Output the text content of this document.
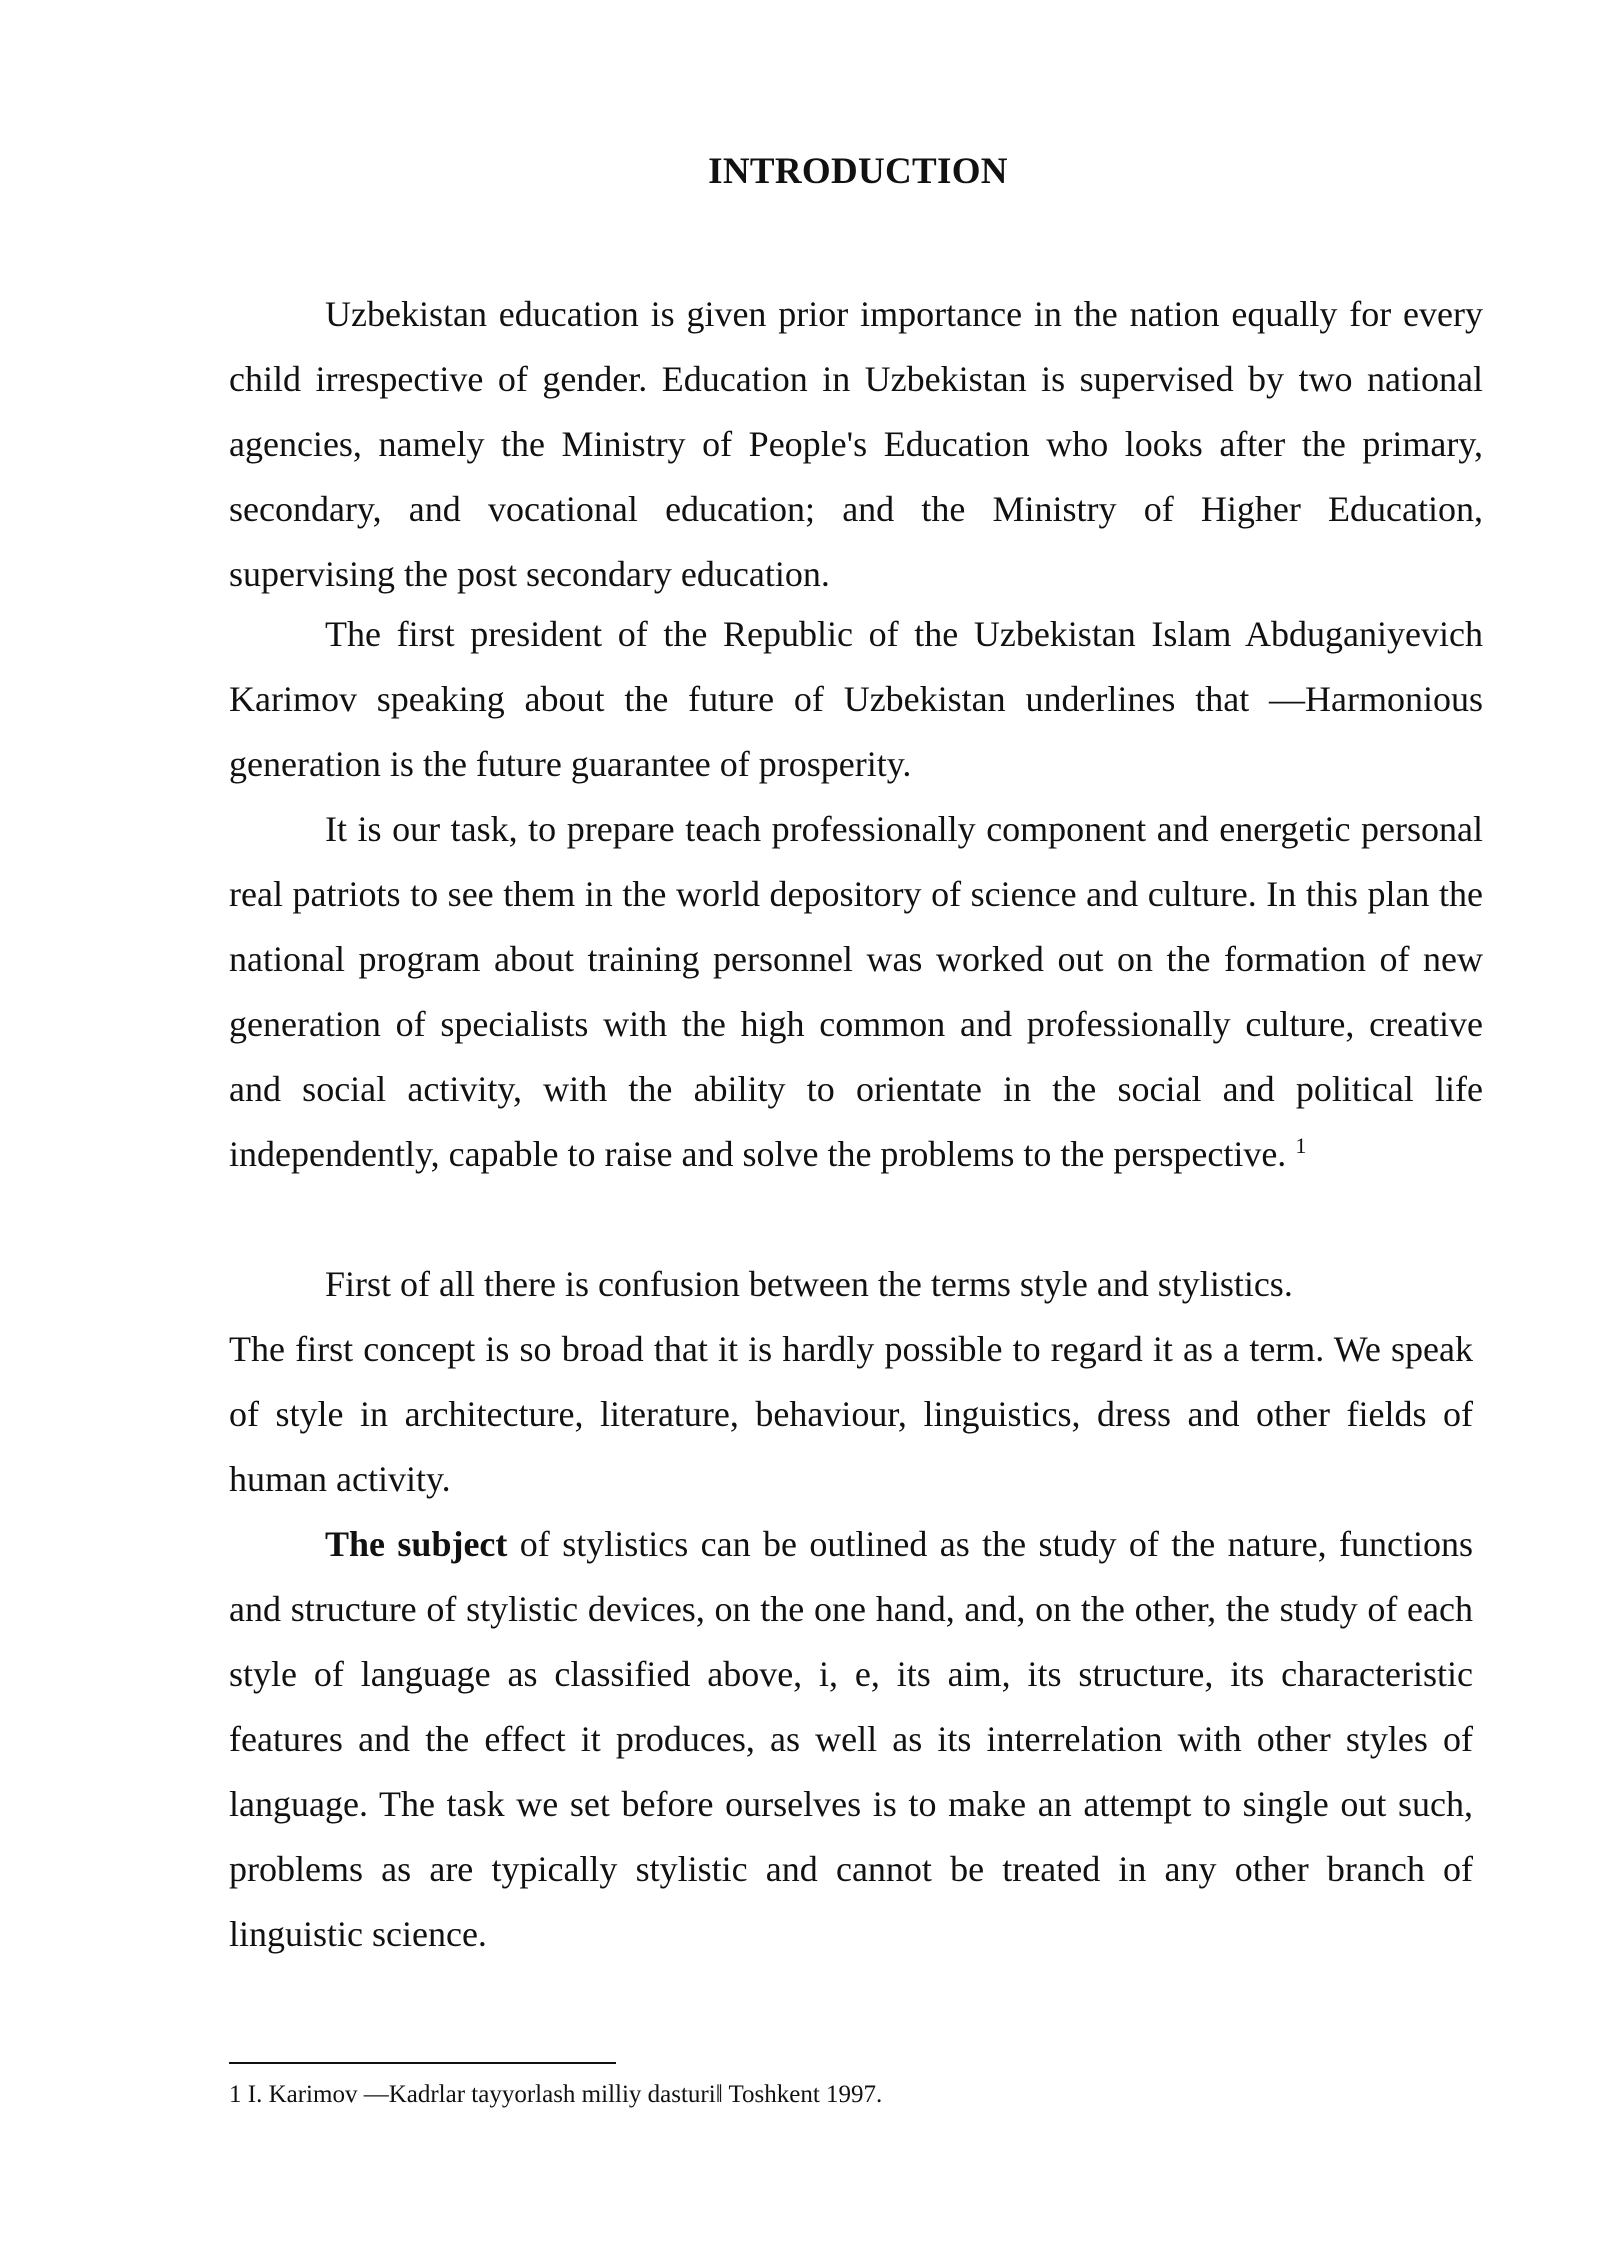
INTRODUCTION

Uzbekistan education is given prior importance in the nation equally for every child irrespective of gender. Education in Uzbekistan is supervised by two national agencies, namely the Ministry of People's Education who looks after the primary, secondary, and vocational education; and the Ministry of Higher Education, supervising the post secondary education.

The first president of the Republic of the Uzbekistan Islam Abduganiyevich Karimov speaking about the future of Uzbekistan underlines that —Harmonious generation is the future guarantee of prosperity.

It is our task, to prepare teach professionally component and energetic personal real patriots to see them in the world depository of science and culture. In this plan the national program about training personnel was worked out on the formation of new generation of specialists with the high common and professionally culture, creative and social activity, with the ability to orientate in the social and political life independently, capable to raise and solve the problems to the perspective. $^1$

First of all there is confusion between the terms style and stylistics.

The first concept is so broad that it is hardly possible to regard it as a term. We speak of style in architecture, literature, behaviour, linguistics, dress and other fields of human activity.

The subject of stylistics can be outlined as the study of the nature, functions and structure of stylistic devices, on the one hand, and, on the other, the study of each style of language as classified above, i, e, its aim, its structure, its characteristic features and the effect it produces, as well as its interrelation with other styles of language. The task we set before ourselves is to make an attempt to single out such, problems as are typically stylistic and cannot be treated in any other branch of linguistic science.

1 I. Karimov —Kadrlar tayyorlash milliy dasturi‖ Toshkent 1997.
